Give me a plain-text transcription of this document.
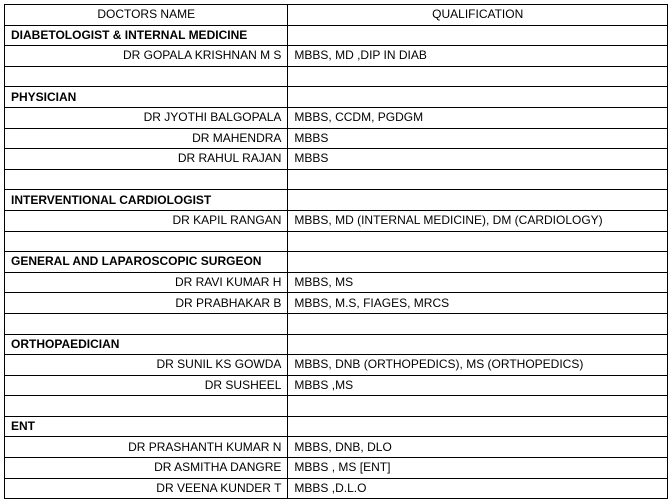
DOCTORS NAME	QUALIFICATION
DIABETOLOGIST & INTERNAL MEDICINE	
DR GOPALA KRISHNAN M S	MBBS, MD ,DIP IN DIAB

PHYSICIAN	
DR JYOTHI BALGOPALA	MBBS, CCDM, PGDGM
DR MAHENDRA	MBBS
DR RAHUL RAJAN	MBBS

INTERVENTIONAL CARDIOLOGIST	
DR KAPIL RANGAN	MBBS, MD (INTERNAL MEDICINE), DM (CARDIOLOGY)

GENERAL AND LAPAROSCOPIC SURGEON	
DR RAVI KUMAR H	MBBS, MS
DR PRABHAKAR B	MBBS, M.S, FIAGES, MRCS

ORTHOPAEDICIAN	
DR SUNIL KS GOWDA	MBBS, DNB (ORTHOPEDICS), MS (ORTHOPEDICS)
DR SUSHEEL	MBBS ,MS

ENT	
DR PRASHANTH KUMAR N	MBBS, DNB, DLO
DR ASMITHA DANGRE	MBBS , MS [ENT]
DR VEENA KUNDER T	MBBS ,D.L.O
